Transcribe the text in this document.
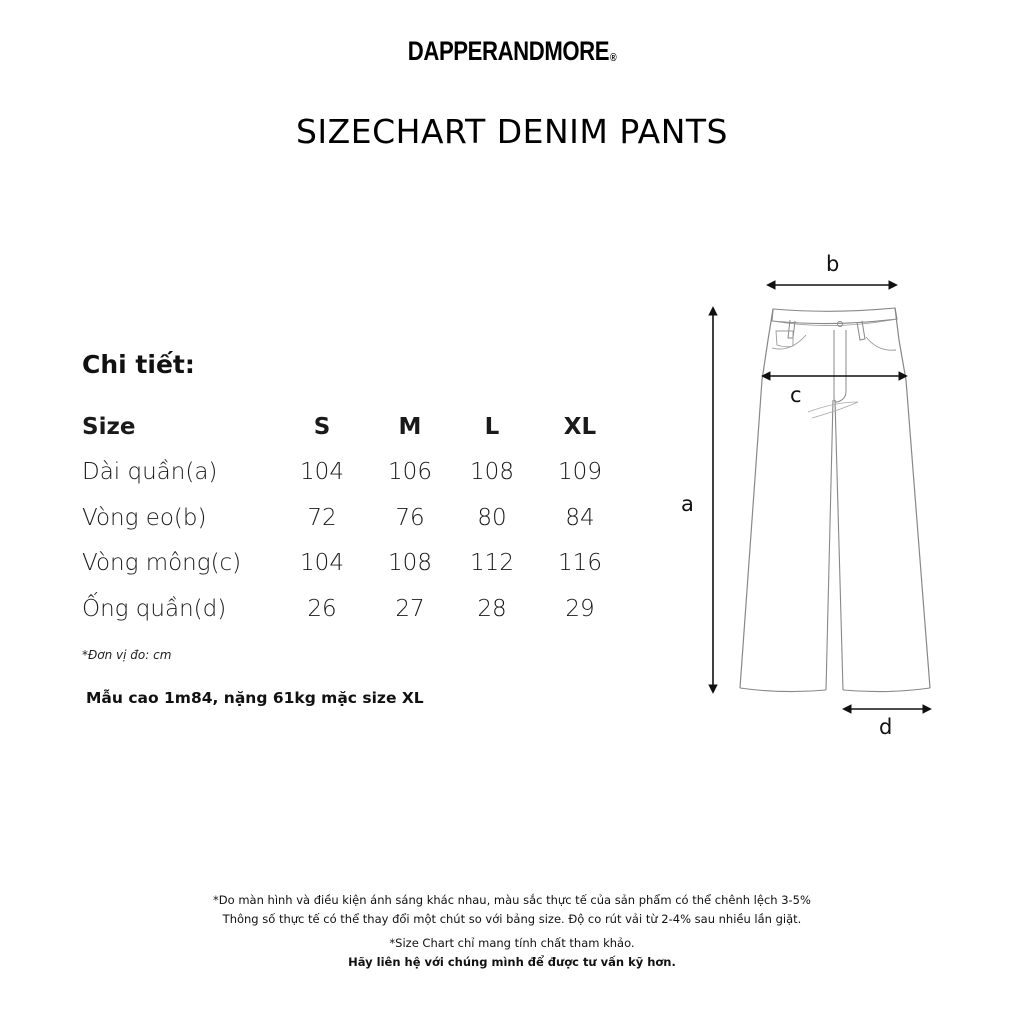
DAPPERANDMORE®
SIZECHART DENIM PANTS
Chi tiết:
Size	S	M	L	XL
Dài quần(a)	104	106	108	109
Vòng eo(b)	72	76	80	84
Vòng mông(c)	104	108	112	116
Ống quần(d)	26	27	28	29
*Đơn vị đo: cm
Mẫu cao 1m84, nặng 61kg mặc size XL
b
c
a
d
*Do màn hình và điều kiện ánh sáng khác nhau, màu sắc thực tế của sản phẩm có thể chênh lệch 3-5%
Thông số thực tế có thể thay đổi một chút so với bảng size. Độ co rút vải từ 2-4% sau nhiều lần giặt.
*Size Chart chỉ mang tính chất tham khảo.
Hãy liên hệ với chúng mình để được tư vấn kỹ hơn.
